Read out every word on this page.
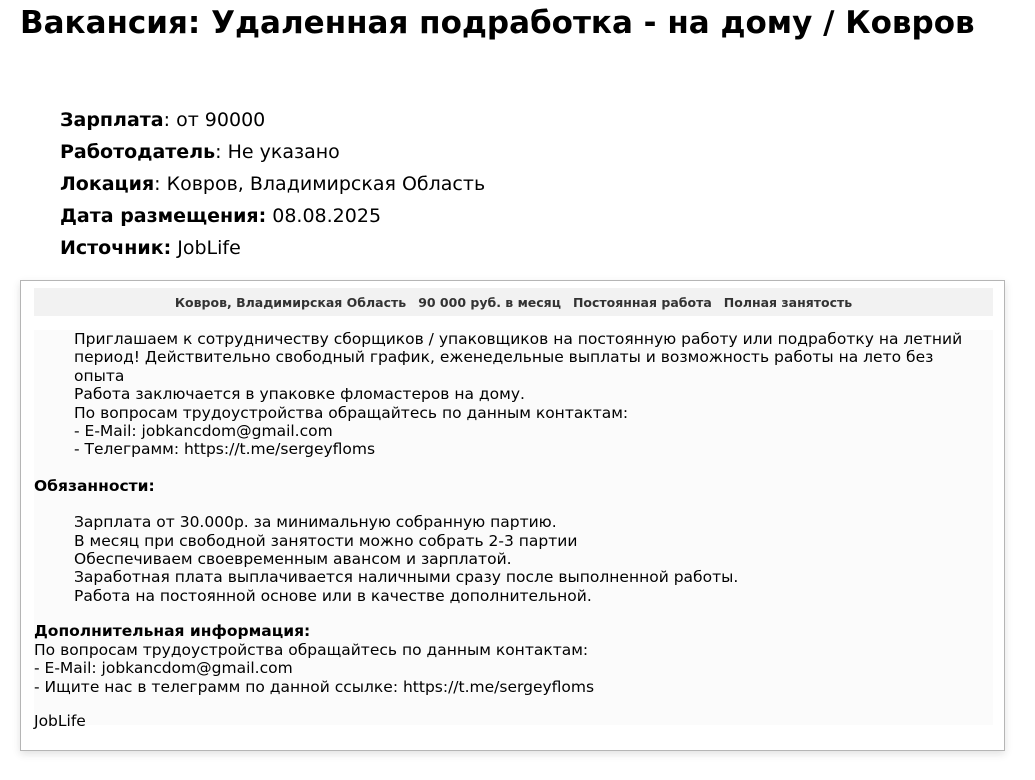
Вакансия: Удаленная подработка - на дому / Ковров
Зарплата: от 90000
Работодатель: Не указано
Локация: Ковров, Владимирская Область
Дата размещения: 08.08.2025
Источник: JobLife
Ковров, Владимирская Область 90 000 руб. в месяц Постоянная работа Полная занятость

Приглашаем к сотрудничеству сборщиков / упаковщиков на постоянную работу или подработку на летний период! Действительно свободный график, еженедельные выплаты и возможность работы на лето без опыта

Работа заключается в упаковке фломастеров на дому.

По вопросам трудоустройства обращайтесь по данным контактам:

- E-Mail: jobkancdom@gmail.com

- Телеграмм: https://t.me/sergeyfloms

Обязанности:

Зарплата от 30.000р. за минимальную собранную партию.

В месяц при свободной занятости можно собрать 2-3 партии

Обеспечиваем своевременным авансом и зарплатой.

Заработная плата выплачивается наличными сразу после выполненной работы.

Работа на постоянной основе или в качестве дополнительной.

Дополнительная информация:

По вопросам трудоустройства обращайтесь по данным контактам:

- E-Mail: jobkancdom@gmail.com

- Ищите нас в телеграмм по данной ссылке: https://t.me/sergeyfloms

JobLife
